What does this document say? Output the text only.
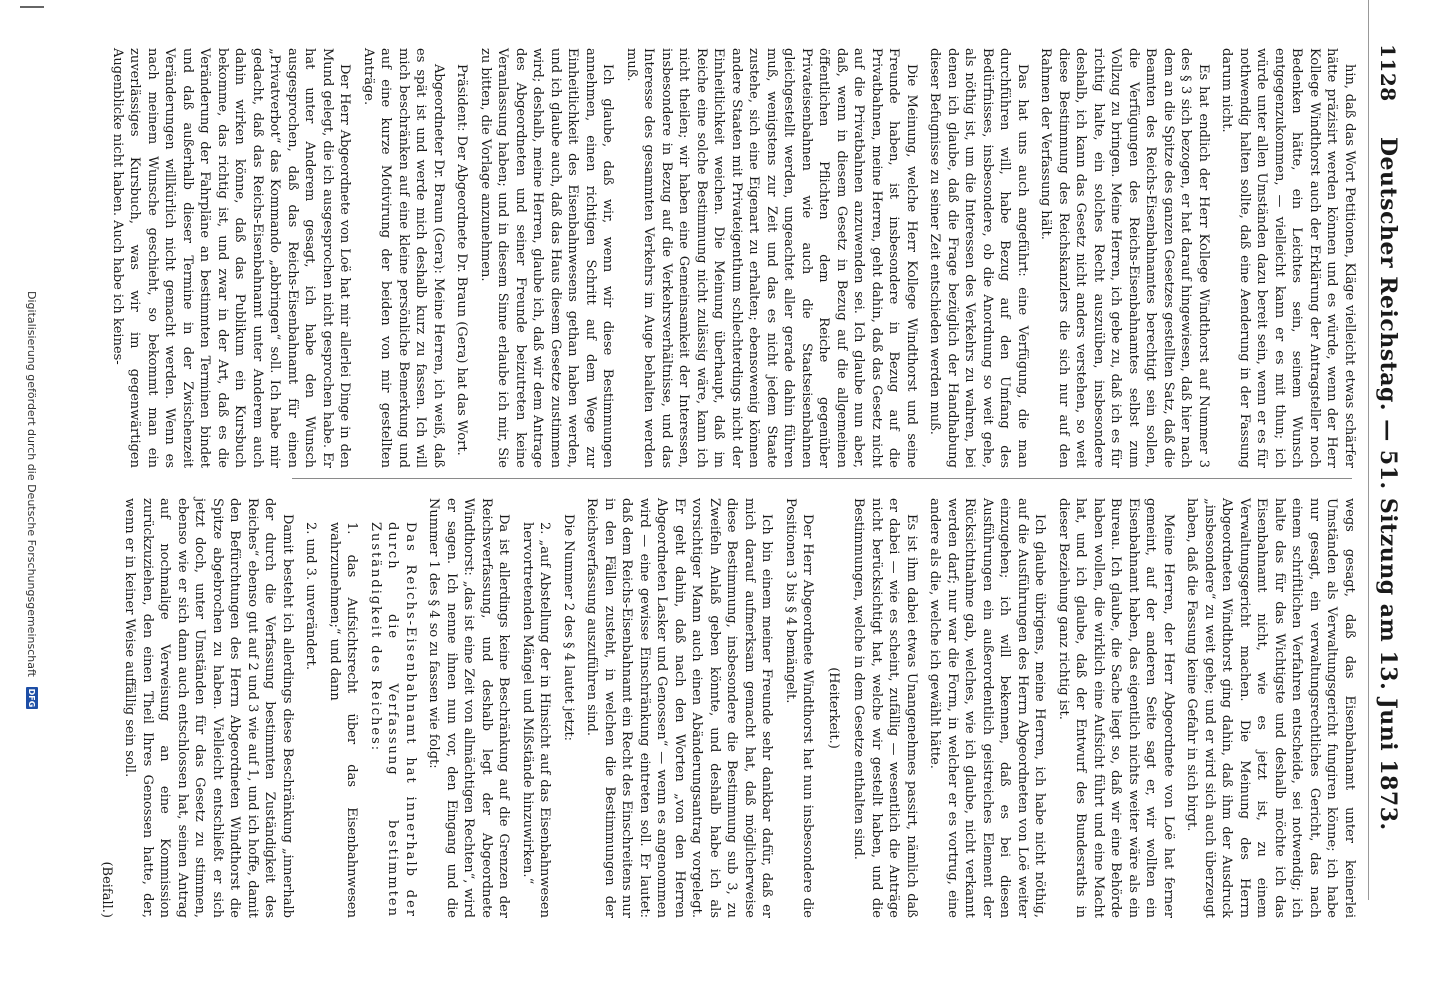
1128
Deutscher Reichstag. — 51. Sitzung am 13. Juni 1873.

hin, daß das Wort Petitionen, Kläge vielleicht etwas schärfer hätte präzisirt werden können und es würde, wenn der Herr Kollege Windthorst auch der Erklärung der Antragsteller noch Bedenken hätte, ein Leichtes sein, seinem Wunsch entgegenzukommen, — vielleicht kann er es mit thun; ich würde unter allen Umständen dazu bereit sein, wenn er es für nothwendig halten sollte, daß eine Aenderung in der Fassung darum nicht.

Es hat endlich der Herr Kollege Windthorst auf Nummer 3 des § 3 sich bezogen, er hat darauf hingewiesen, daß hier nach dem an die Spitze des ganzen Gesetzes gestellten Satz, daß die Beamten des Reichs-Eisenbahnamtes berechtigt sein sollen, die Verfügungen des Reichs-Eisenbahnamtes selbst zum Vollzug zu bringen. Meine Herren, ich gebe zu, daß ich es für richtig halte, ein solches Recht auszuüben, insbesondere deshalb, ich kann das Gesetz nicht anders verstehen, so weit diese Bestimmung des Reichskanzlers die sich nur auf den Rahmen der Verfassung hält.

Das hat uns auch angeführt: eine Verfügung, die man durchführen will, habe Bezug auf den Umfang des Bedürfnisses, insbesondere, ob die Anordnung so weit gehe, als nöthig ist, um die Interessen des Verkehrs zu wahren, bei denen ich glaube, daß die Frage bezüglich der Handhabung dieser Befugnisse zu seiner Zeit entschieden werden muß.

Die Meinung, welche Herr Kollege Windthorst und seine Freunde haben, ist insbesondere in Bezug auf die Privatbahnen, meine Herren, geht dahin, daß das Gesetz nicht auf die Privatbahnen anzuwenden sei. Ich glaube nun aber, daß, wenn in diesem Gesetz in Bezug auf die allgemeinen öffentlichen Pflichten dem Reiche gegenüber Privateisenbahnen wie auch die Staatseisenbahnen gleichgestellt werden, ungeachtet aller gerade dahin führen muß, wenigstens zur Zeit und das es nicht jedem Staate zustehe, sich eine Eigenart zu erhalten; ebensowenig können andere Staaten mit Privateigenthum schlechterdings nicht der Einheitlichkeit weichen. Die Meinung überhaupt, daß im Reiche eine solche Bestimmung nicht zulässig wäre, kann ich nicht theilen; wir haben eine Gemeinsamkeit der Interessen, insbesondere in Bezug auf die Verkehrsverhältnisse, und das Interesse des gesammten Verkehrs im Auge behalten werden muß.

Ich glaube, daß wir, wenn wir diese Bestimmungen annehmen, einen richtigen Schritt auf dem Wege zur Einheitlichkeit des Eisenbahnwesens gethan haben werden, und ich glaube auch, daß das Haus diesem Gesetze zustimmen wird; deshalb, meine Herren, glaube ich, daß wir dem Antrage des Abgeordneten und seiner Freunde beizutreten keine Veranlassung haben; und in diesem Sinne erlaube ich mir, Sie zu bitten, die Vorlage anzunehmen.

Präsident: Der Abgeordnete Dr. Braun (Gera) hat das Wort.

Abgeordneter Dr. Braun (Gera): Meine Herren, ich weiß, daß es spät ist und werde mich deshalb kurz zu fassen. Ich will mich beschränken auf eine kleine persönliche Bemerkung und auf eine kurze Motivirung der beiden von mir gestellten Anträge.

Der Herr Abgeordnete von Loë hat mir allerlei Dinge in den Mund gelegt, die ich ausgesprochen nicht gesprochen habe. Er hat unter Anderem gesagt, ich habe den Wunsch ausgesprochen, daß das Reichs-Eisenbahnamt für einen „Privatverbot“ das Kommando „abbringen“ soll. Ich habe mir gedacht, daß das Reichs-Eisenbahnamt unter Anderem auch dahin wirken könne, daß das Publikum ein Kursbuch bekomme, das richtig ist, und zwar in der Art, daß es die Veränderung der Fahrpläne an bestimmten Terminen bindet und daß außerhalb dieser Termine in der Zwischenzeit Veränderungen willkürlich nicht gemacht werden. Wenn es nach meinem Wunsche geschieht, so bekommt man ein zuverlässiges Kursbuch, was wir im gegenwärtigen Augenblicke nicht haben. Auch habe ich keines-

wegs gesagt, daß das Eisenbahnamt unter keinerlei Umständen als Verwaltungsgericht fungiren könne; ich habe nur gesagt, ein verwaltungsrechtliches Gericht, das nach einem schriftlichen Verfahren entscheide, sei notwendig; ich halte das für das Wichtigste und deshalb möchte ich das Eisenbahnamt nicht, wie es jetzt ist, zu einem Verwaltungsgericht machen. Die Meinung des Herrn Abgeordneten Windthorst ging dahin, daß ihm der Ausdruck „insbesondere“ zu weit gehe; und er wird sich auch überzeugt haben, daß die Fassung keine Gefahr in sich birgt.

Meine Herren, der Herr Abgeordnete von Loë hat ferner gemeint, auf der anderen Seite sagt er, wir wollten ein Eisenbahnamt haben, das eigentlich nichts weiter wäre als ein Bureau. Ich glaube, die Sache liegt so, daß wir eine Behörde haben wollen, die wirklich eine Aufsicht führt und eine Macht hat, und ich glaube, daß der Entwurf des Bundesraths in dieser Beziehung ganz richtig ist.

Ich glaube übrigens, meine Herren, ich habe nicht nöthig, auf die Ausführungen des Herrn Abgeordneten von Loë weiter einzugehen; ich will bekennen, daß es bei diesen Ausführungen ein außerordentlich geistreiches Element der Rücksichtnahme gab, welches, wie ich glaube, nicht verkannt werden darf; nur war die Form, in welcher er es vortrug, eine andere als die, welche ich gewählt hätte.

Es ist ihm dabei etwas Unangenehmes passirt, nämlich daß er dabei — wie es scheint, zufällig — wesentlich die Anträge nicht berücksichtigt hat, welche wir gestellt haben, und die Bestimmungen, welche in dem Gesetze enthalten sind.

(Heiterkeit.)

Der Herr Abgeordnete Windthorst hat nun insbesondere die Positionen 3 bis § 4 bemängelt.

Ich bin einem meiner Freunde sehr dankbar dafür, daß er mich darauf aufmerksam gemacht hat, daß möglicherweise diese Bestimmung, insbesondere die Bestimmung sub 3, zu Zweifeln Anlaß geben könnte, und deshalb habe ich als vorsichtiger Mann auch einen Abänderungsantrag vorgelegt. Er geht dahin, daß nach den Worten „von den Herren Abgeordneten Lasker und Genossen“ — wenn es angenommen wird — eine gewisse Einschränkung eintreten soll. Er lautet: daß dem Reichs-Eisenbahnamt ein Recht des Einschreitens nur in den Fällen zusteht, in welchen die Bestimmungen der Reichsverfassung auszuführen sind.

Die Nummer 2 des § 4 lautet jetzt:

2. „auf Abstellung der in Hinsicht auf das Eisenbahnwesen hervortretenden Mängel und Mißstände hinzuwirken.“

Da ist allerdings keine Beschränkung auf die Grenzen der Reichsverfassung, und deshalb legt der Abgeordnete Windthorst: „das ist eine Zeit von allmächtigen Rechten“, wird er sagen. Ich nenne ihnen nun vor, den Eingang und die Nummer 1 des § 4 so zu fassen wie folgt:

Das Reichs-Eisenbahnamt hat innerhalb der durch die Verfassung bestimmten Zuständigkeit des Reiches:

1. das Aufsichtsrecht über das Eisenbahnwesen wahrzunehmen;“ und dann

2. und 3. unverändert.

Damit besteht ich allerdings diese Beschränkung „innerhalb der durch die Verfassung bestimmten Zuständigkeit des Reiches“ ebenso gut auf 2 und 3 wie auf 1, und ich hoffe, damit den Befürchtungen des Herrn Abgeordneten Windthorst die Spitze abgebrochen zu haben. Vielleicht entschließt er sich jetzt doch, unter Umständen für das Gesetz zu stimmen, ebenso wie er sich dann auch entschlossen hat, seinen Antrag auf nochmalige Verweisung an eine Kommission zurückzuziehen, den einen Theil Ihres Genossen hatte, der, wenn er in keiner Weise auffällig sein soll.

(Beifall.)

Digitalisierung gefördert durch die Deutsche Forschungsgemeinschaft
DFG
